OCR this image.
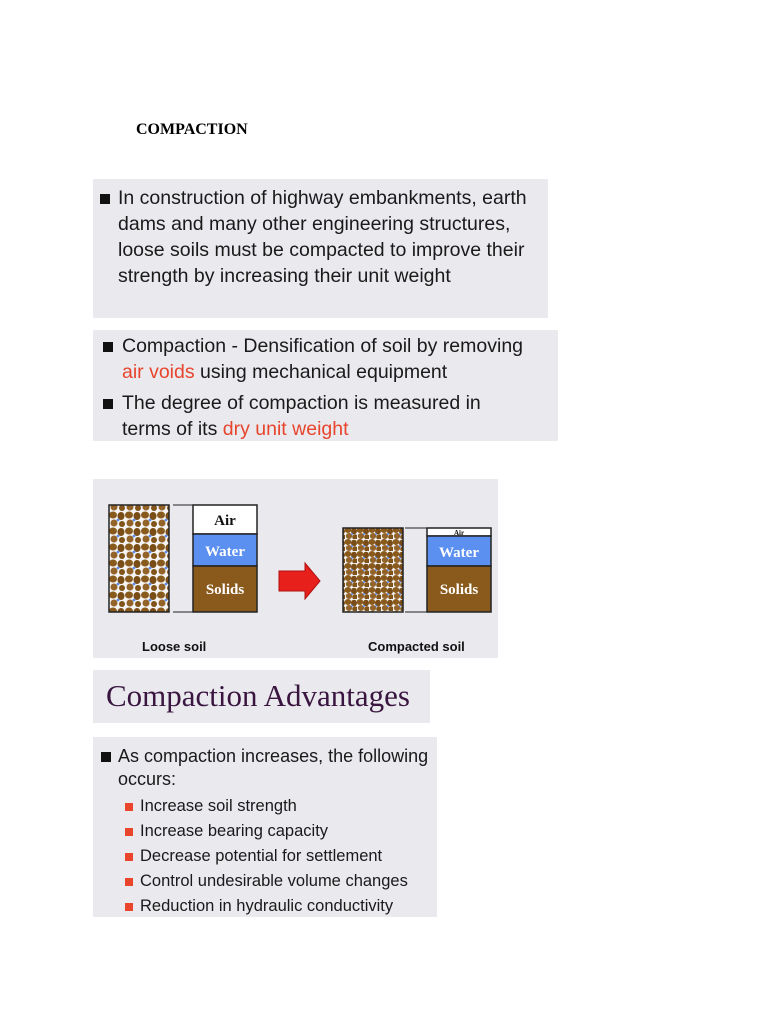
COMPACTION
In construction of highway embankments, earth dams and many other engineering structures, loose soils must be compacted to improve their strength by increasing their unit weight
Compaction - Densification of soil by removing
air voids using mechanical equipment
The degree of compaction is measured in
terms of its dry unit weight
Air
Water
Solids
Air
Water
Solids
Loose soil	Compacted soil
Compaction Advantages
As compaction increases, the following
occurs:
Increase soil strength
Increase bearing capacity
Decrease potential for settlement
Control undesirable volume changes
Reduction in hydraulic conductivity
